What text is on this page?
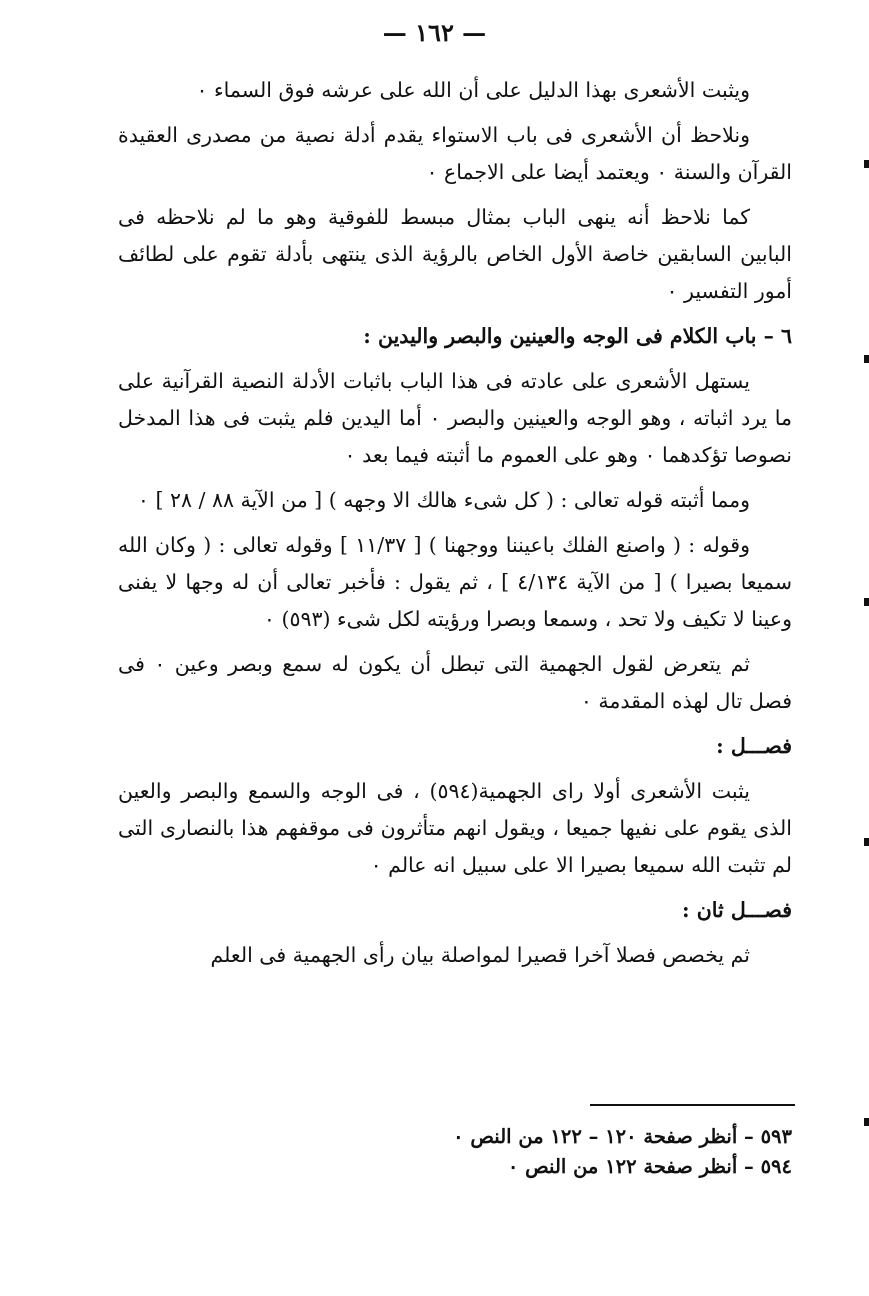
— ١٦٢ —

ويثبت الأشعرى بهذا الدليل على أن الله على عرشه فوق السماء ٠

ونلاحظ أن الأشعرى فى باب الاستواء يقدم أدلة نصية من مصدرى العقيدة القرآن والسنة ٠ ويعتمد أيضا على الاجماع ٠

كما نلاحظ أنه ينهى الباب بمثال مبسط للفوقية وهو ما لم نلاحظه فى البابين السابقين خاصة الأول الخاص بالرؤية الذى ينتهى بأدلة تقوم على لطائف أمور التفسير ٠

٦ – باب الكلام فى الوجه والعينين والبصر واليدين :

يستهل الأشعرى على عادته فى هذا الباب باثبات الأدلة النصية القرآنية على ما يرد اثباته ، وهو الوجه والعينين والبصر ٠ أما اليدين فلم يثبت فى هذا المدخل نصوصا تؤكدهما ٠ وهو على العموم ما أثبته فيما بعد ٠

ومما أثبته قوله تعالى : ( كل شىء هالك الا وجهه ) [ من الآية ٨٨ / ٢٨ ] ٠

وقوله : ( واصنع الفلك باعيننا ووجهنا ) [ ١١/٣٧ ] وقوله تعالى : ( وكان الله سميعا بصيرا ) [ من الآية ٤/١٣٤ ] ، ثم يقول : فأخبر تعالى أن له وجها لا يفنى وعينا لا تكيف ولا تحد ، وسمعا وبصرا ورؤيته لكل شىء (٥٩٣) ٠

ثم يتعرض لقول الجهمية التى تبطل أن يكون له سمع وبصر وعين ٠ فى فصل تال لهذه المقدمة ٠

فصـــل :

يثبت الأشعرى أولا راى الجهمية(٥٩٤) ، فى الوجه والسمع والبصر والعين الذى يقوم على نفيها جميعا ، ويقول انهم متأثرون فى موقفهم هذا بالنصارى التى لم تثبت الله سميعا بصيرا الا على سبيل انه عالم ٠

فصـــل ثان :

ثم يخصص فصلا آخرا قصيرا لمواصلة بيان رأى الجهمية فى العلم

٥٩٣ – أنظر صفحة ١٢٠ – ١٢٢ من النص ٠
٥٩٤ – أنظر صفحة ١٢٢ من النص ٠
